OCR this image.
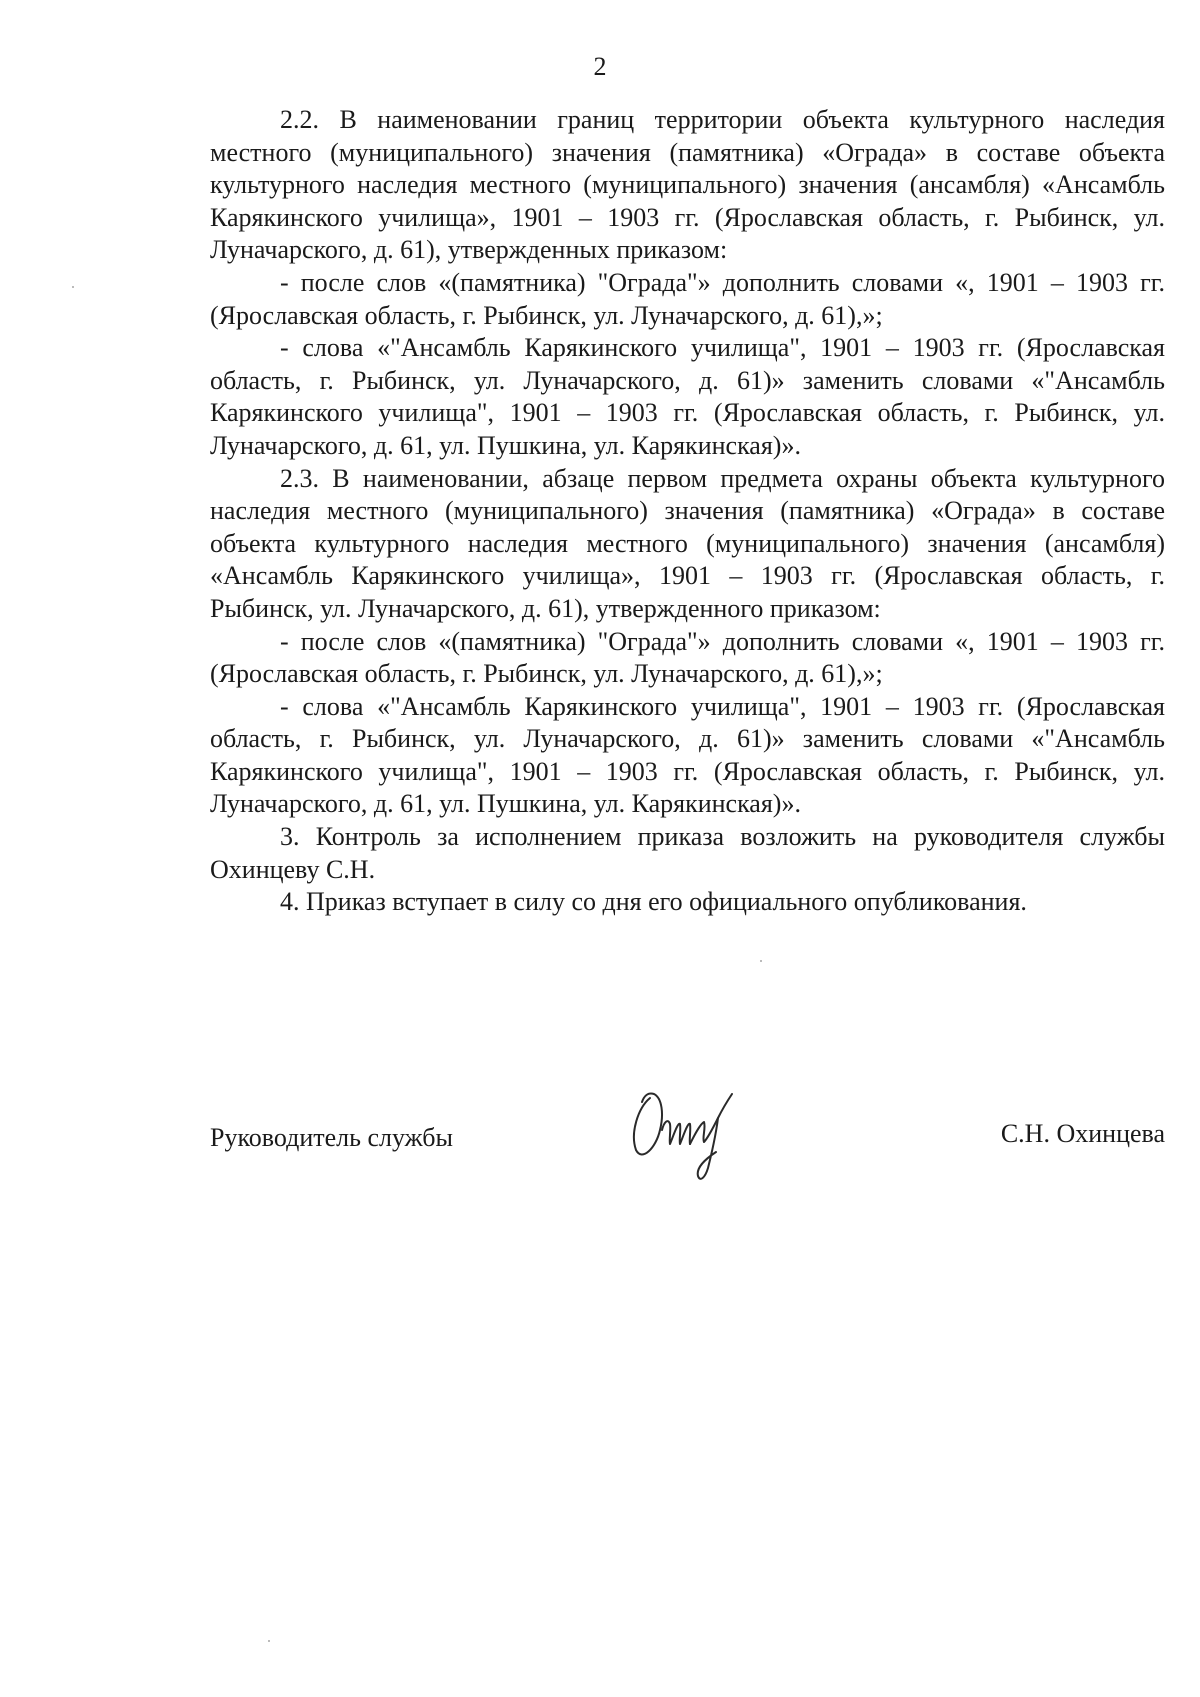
2

2.2. В наименовании границ территории объекта культурного наследия местного (муниципального) значения (памятника) «Ограда» в составе объекта культурного наследия местного (муниципального) значения (ансамбля) «Ансамбль Карякинского училища», 1901 – 1903 гг. (Ярославская область, г. Рыбинск, ул. Луначарского, д. 61), утвержденных приказом:

- после слов «(памятника) "Ограда"» дополнить словами «, 1901 – 1903 гг. (Ярославская область, г. Рыбинск, ул. Луначарского, д. 61),»;

- слова «"Ансамбль Карякинского училища", 1901 – 1903 гг. (Ярославская область, г. Рыбинск, ул. Луначарского, д. 61)» заменить словами «"Ансамбль Карякинского училища", 1901 – 1903 гг. (Ярославская область, г. Рыбинск, ул. Луначарского, д. 61, ул. Пушкина, ул. Карякинская)».

2.3. В наименовании, абзаце первом предмета охраны объекта культурного наследия местного (муниципального) значения (памятника) «Ограда» в составе объекта культурного наследия местного (муниципального) значения (ансамбля) «Ансамбль Карякинского училища», 1901 – 1903 гг. (Ярославская область, г. Рыбинск, ул. Луначарского, д. 61), утвержденного приказом:

- после слов «(памятника) "Ограда"» дополнить словами «, 1901 – 1903 гг. (Ярославская область, г. Рыбинск, ул. Луначарского, д. 61),»;

- слова «"Ансамбль Карякинского училища", 1901 – 1903 гг. (Ярославская область, г. Рыбинск, ул. Луначарского, д. 61)» заменить словами «"Ансамбль Карякинского училища", 1901 – 1903 гг. (Ярославская область, г. Рыбинск, ул. Луначарского, д. 61, ул. Пушкина, ул. Карякинская)».

3. Контроль за исполнением приказа возложить на руководителя службы Охинцеву С.Н.

4. Приказ вступает в силу со дня его официального опубликования.

Руководитель службы	С.Н. Охинцева
